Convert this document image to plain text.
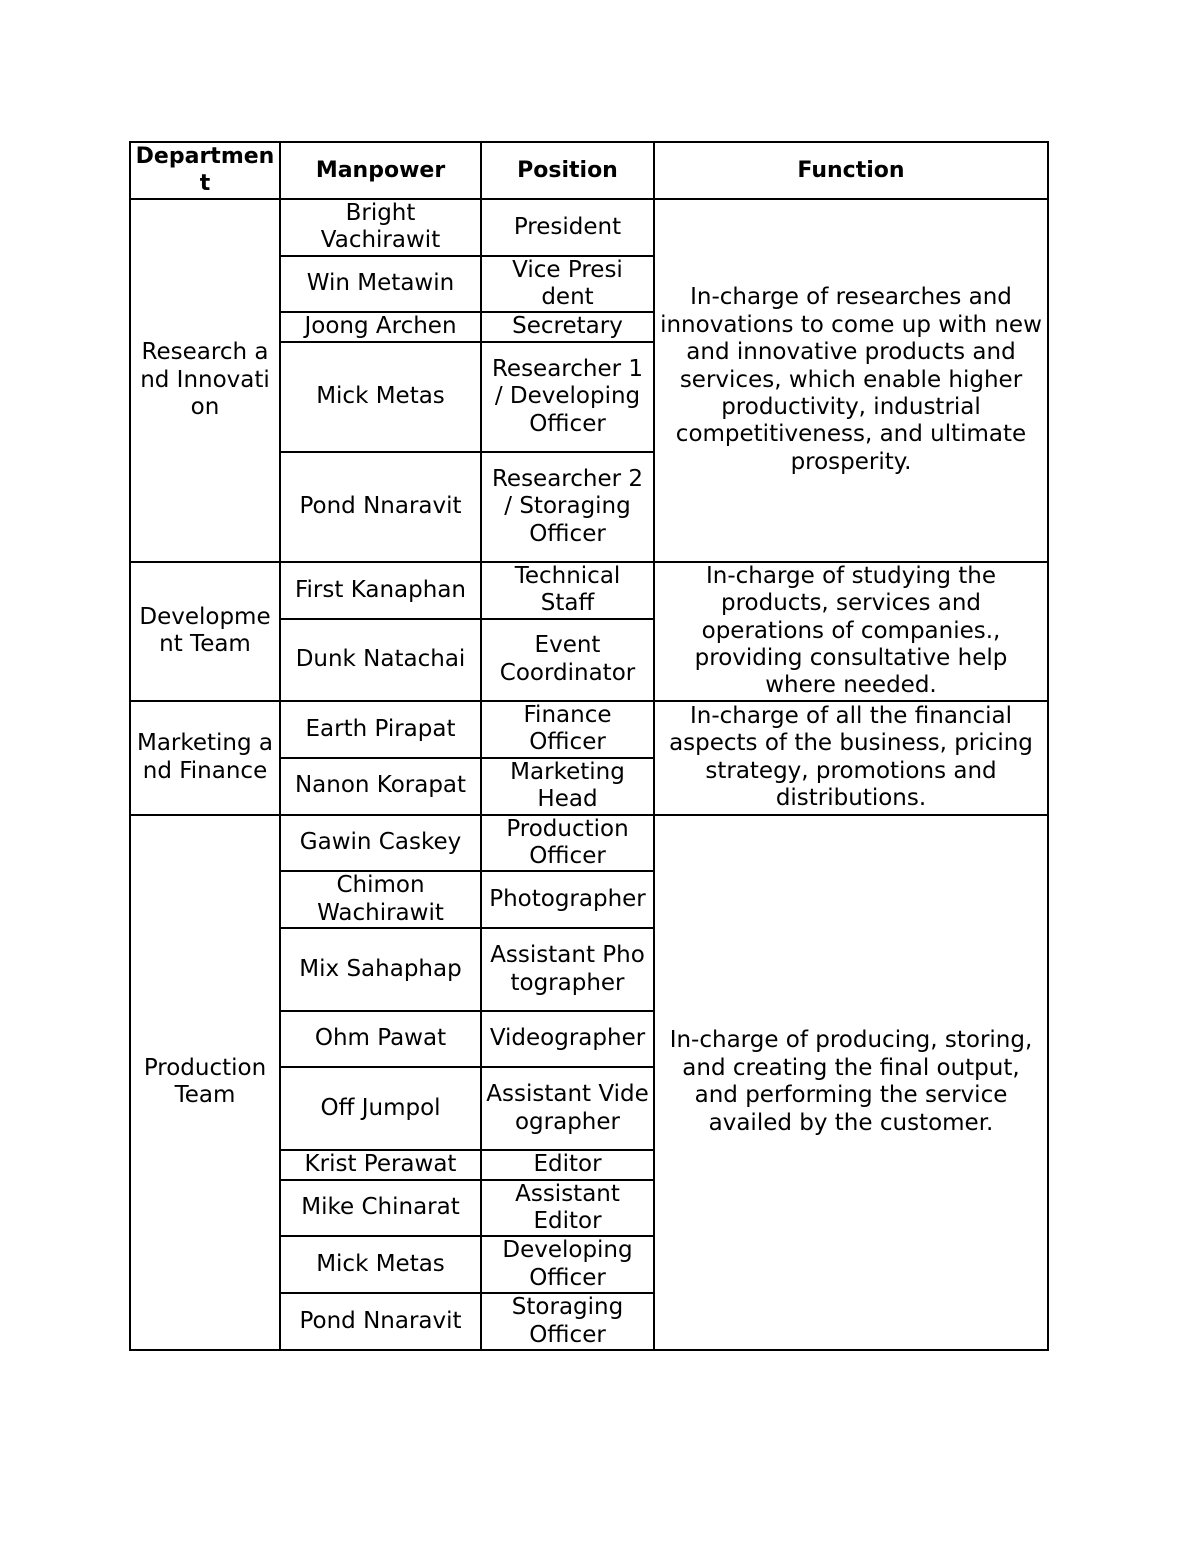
Department	Manpower	Position	Function
Research and Innovation	Bright Vachirawit	President	In-charge of researches and innovations to come up with new and innovative products and services, which enable higher productivity, industrial competitiveness, and ultimate prosperity.
	Win Metawin	Vice President	
	Joong Archen	Secretary	
	Mick Metas	Researcher 1 / Developing Officer	
	Pond Nnaravit	Researcher 2 / Storaging Officer	
Development Team	First Kanaphan	Technical Staff	In-charge of studying the products, services and operations of companies., providing consultative help where needed.
	Dunk Natachai	Event Coordinator	
Marketing and Finance	Earth Pirapat	Finance Officer	In-charge of all the financial aspects of the business, pricing strategy, promotions and distributions.
	Nanon Korapat	Marketing Head	
Production Team	Gawin Caskey	Production Officer	In-charge of producing, storing, and creating the final output, and performing the service availed by the customer.
	Chimon Wachirawit	Photographer	
	Mix Sahaphap	Assistant Photographer	
	Ohm Pawat	Videographer	
	Off Jumpol	Assistant Videographer	
	Krist Perawat	Editor	
	Mike Chinarat	Assistant Editor	
	Mick Metas	Developing Officer	
	Pond Nnaravit	Storaging Officer	
